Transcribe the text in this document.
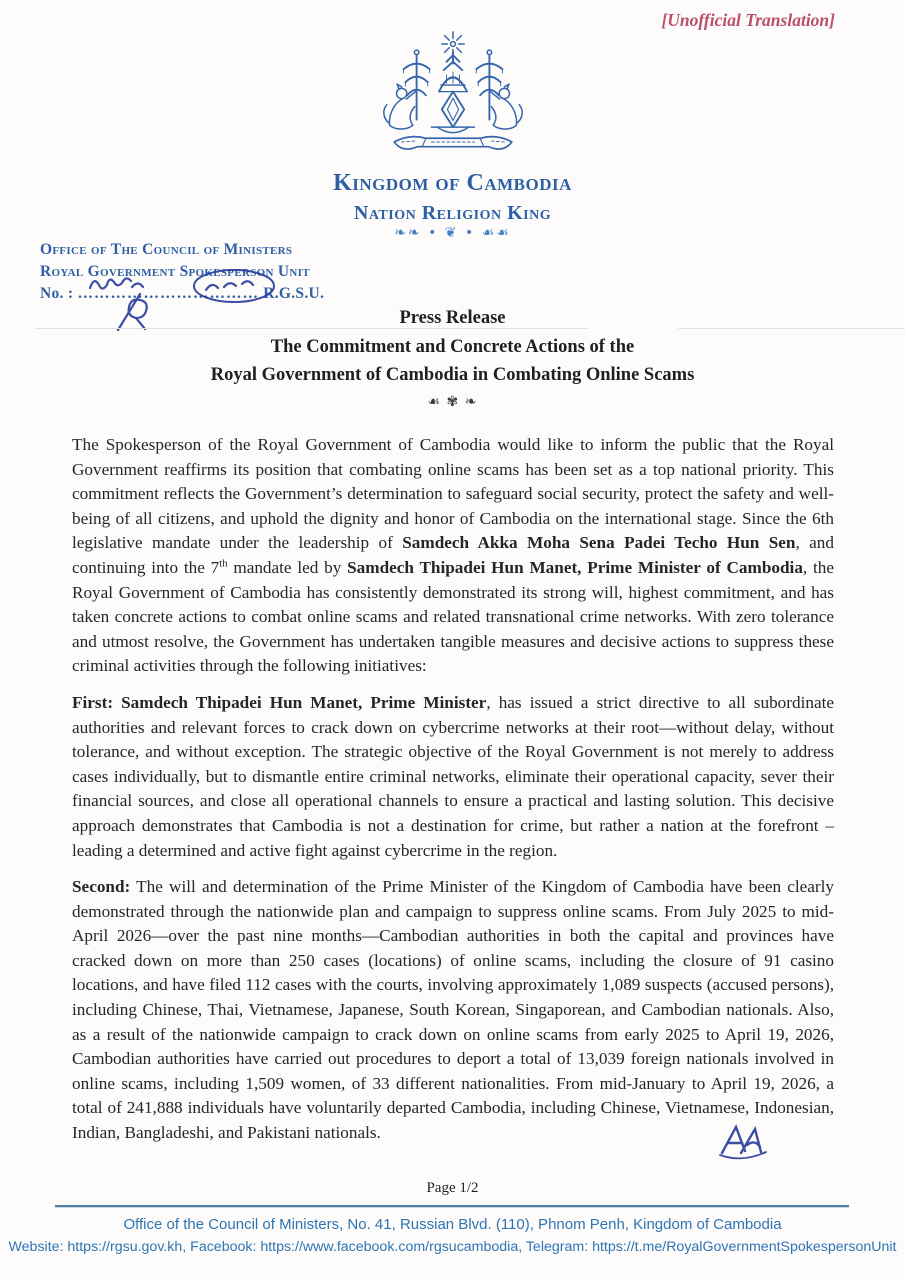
[Unofficial Translation]
Kingdom of Cambodia
Nation Religion King
❧❧ • ❦ • ☙☙
Office of The Council of Ministers
Royal Government Spokesperson Unit
No. : …………………………… R.G.S.U.
Press Release
The Commitment and Concrete Actions of the
Royal Government of Cambodia in Combating Online Scams
☙ ✾ ❧

The Spokesperson of the Royal Government of Cambodia would like to inform the public that the Royal Government reaffirms its position that combating online scams has been set as a top national priority. This commitment reflects the Government’s determination to safeguard social security, protect the safety and well-being of all citizens, and uphold the dignity and honor of Cambodia on the international stage. Since the 6th legislative mandate under the leadership of Samdech Akka Moha Sena Padei Techo Hun Sen, and continuing into the 7th mandate led by Samdech Thipadei Hun Manet, Prime Minister of Cambodia, the Royal Government of Cambodia has consistently demonstrated its strong will, highest commitment, and has taken concrete actions to combat online scams and related transnational crime networks. With zero tolerance and utmost resolve, the Government has undertaken tangible measures and decisive actions to suppress these criminal activities through the following initiatives:

First: Samdech Thipadei Hun Manet, Prime Minister, has issued a strict directive to all subordinate authorities and relevant forces to crack down on cybercrime networks at their root—without delay, without tolerance, and without exception. The strategic objective of the Royal Government is not merely to address cases individually, but to dismantle entire criminal networks, eliminate their operational capacity, sever their financial sources, and close all operational channels to ensure a practical and lasting solution. This decisive approach demonstrates that Cambodia is not a destination for crime, but rather a nation at the forefront – leading a determined and active fight against cybercrime in the region.

Second: The will and determination of the Prime Minister of the Kingdom of Cambodia have been clearly demonstrated through the nationwide plan and campaign to suppress online scams. From July 2025 to mid-April 2026—over the past nine months—Cambodian authorities in both the capital and provinces have cracked down on more than 250 cases (locations) of online scams, including the closure of 91 casino locations, and have filed 112 cases with the courts, involving approximately 1,089 suspects (accused persons), including Chinese, Thai, Vietnamese, Japanese, South Korean, Singaporean, and Cambodian nationals. Also, as a result of the nationwide campaign to crack down on online scams from early 2025 to April 19, 2026, Cambodian authorities have carried out procedures to deport a total of 13,039 foreign nationals involved in online scams, including 1,509 women, of 33 different nationalities. From mid-January to April 19, 2026, a total of 241,888 individuals have voluntarily departed Cambodia, including Chinese, Vietnamese, Indonesian, Indian, Bangladeshi, and Pakistani nationals.

Page 1/2
Office of the Council of Ministers, No. 41, Russian Blvd. (110), Phnom Penh, Kingdom of Cambodia
Website: https://rgsu.gov.kh, Facebook: https://www.facebook.com/rgsucambodia, Telegram: https://t.me/RoyalGovernmentSpokespersonUnit
